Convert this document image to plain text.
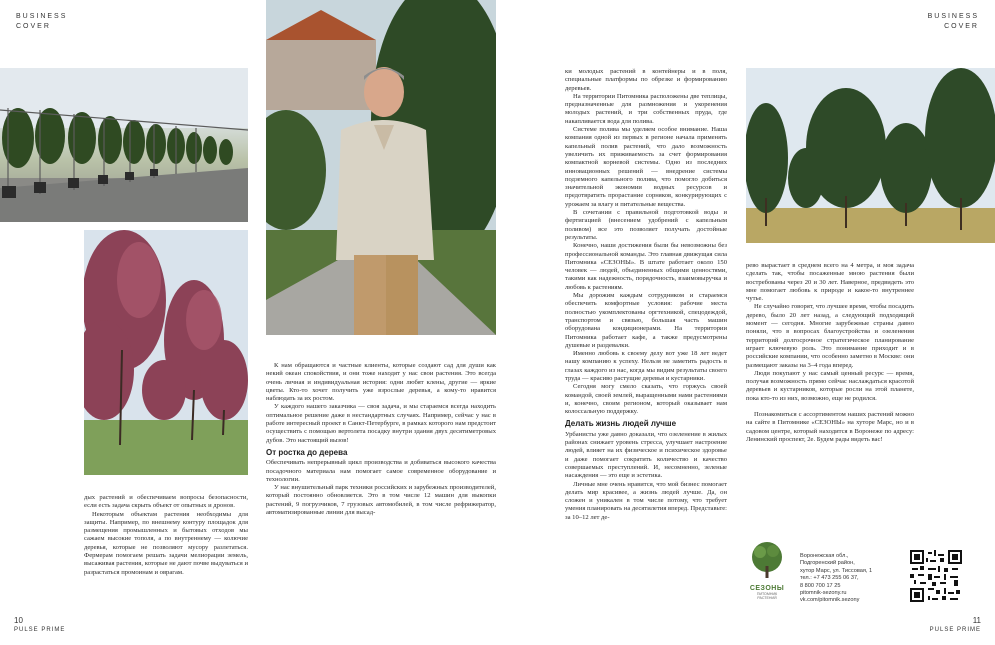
BUSINESS
COVER
BUSINESS
COVER

дых растений и обеспечиваем вопросы безопасности, если есть задача скрыть объект от опытных и дронов.

Некоторым объектам растения необходимы для защиты. Например, по внешнему контуру площадок для размещения промышленных и бытовых отходов мы сажаем высокие тополя, а по внутреннему — колючие деревья, которые не позволяют мусору разлетаться. Фермерам помогаем решать задачи мелиорации земель, высаживая растения, которые не дают почве выдуваться и разрастаться промоинам и оврагам.

К нам обращаются и частные клиенты, которые создают сад для души как некий океан спокойствия, и они тоже находят у нас свои растения. Это всегда очень личная и индивидуальная история: одни любят клены, другие — яркие цветы. Кто-то хочет получить уже взрослые деревья, а кому-то нравится наблюдать за их ростом.

У каждого нашего заказчика — своя задача, и мы стараемся всегда находить оптимальное решение даже в нестандартных случаях. Например, сейчас у нас в работе интересный проект в Санкт-Петербурге, в рамках которого нам предстоит осуществить с помощью вертолета посадку внутри здания двух десятиметровых дубов. Это настоящий вызов!

От ростка до дерева

Обеспечивать непрерывный цикл производства и добиваться высокого качества посадочного материала нам помогает самое современное оборудование и технологии.

У нас внушительный парк техники российских и зарубежных производителей, который постоянно обновляется. Это в том числе 12 машин для выкопки растений, 9 погрузчиков, 7 грузовых автомобилей, в том числе рефрижератор, автоматизированные линии для высад-

ки молодых растений в контейнеры и в поля, специальные платформы по обрезке и формированию деревьев.

На территории Питомника расположены две теплицы, предназначенные для размножения и укоренения молодых растений, и три собственных пруда, где накапливается вода для полива.

Системе полива мы уделяем особое внимание. Наша компания одной из первых в регионе начала применять капельный полив растений, что дало возможность увеличить их приживаемость за счет формирования компактной корневой системы. Одно из последних инновационных решений — внедрение системы подземного капельного полива, что помогло добиться значительной экономии водных ресурсов и предотвратить прорастание сорняков, конкурирующих с урожаем за влагу и питательные вещества.

В сочетании с правильной подготовкой воды и фертигацией (внесением удобрений с капельным поливом) все это позволяет получать достойные результаты.

Конечно, наши достижения были бы невозможны без профессиональной команды. Это главная движущая сила Питомника «СЕЗОНЫ». В штате работает около 150 человек — людей, объединенных общими ценностями, такими как надежность, порядочность, взаимовыручка и любовь к растениям.

Мы дорожим каждым сотрудником и стараемся обеспечить комфортные условия: рабочие места полностью укомплектованы оргтехникой, спецодеждой, транспортом и связью, большая часть машин оборудована кондиционерами. На территории Питомника работает кафе, а также предусмотрены душевые и раздевалки.

Именно любовь к своему делу вот уже 18 лет ведет нашу компанию к успеху. Нельзя не заметить радость в глазах каждого из нас, когда мы видим результаты своего труда — красиво растущие деревья и кустарники.

Сегодня могу смело сказать, что горжусь своей командой, своей землей, выращенными нами растениями и, конечно, своим регионом, который оказывает нам колоссальную поддержку.

Делать жизнь людей лучше

Урбанисты уже давно доказали, что озеленение в жилых районах снижает уровень стресса, улучшает настроение людей, влияет на их физическое и психическое здоровье и даже помогает сократить количество и качество совершаемых преступлений. И, несомненно, зеленые насаждения — это еще и эстетика.

Личные мне очень нравится, что мой бизнес помогает делать мир красивее, а жизнь людей лучше. Да, он сложен и уникален в том числе потому, что требует умения планировать на десятилетия вперед. Представьте: за 10–12 лет де-

рево вырастает в среднем всего на 4 метра, и моя задача сделать так, чтобы посаженные мною растения были востребованы через 20 и 30 лет. Наверное, предвидеть это мне помогает любовь к природе и какое-то внутреннее чутье.

Не случайно говорят, что лучшее время, чтобы посадить дерево, было 20 лет назад, а следующий подходящий момент — сегодня. Многие зарубежные страны давно поняли, что в вопросах благоустройства и озеленения территорий долгосрочное стратегическое планирование играет ключевую роль. Это понимание приходит и в российские компании, что особенно заметно в Москве: они размещают заказы на 3–4 года вперед.

Люди покупают у нас самый ценный ресурс — время, получая возможность прямо сейчас наслаждаться красотой деревьев и кустарников, которые росли на этой планете, пока кто-то из них, возможно, еще не родился.

Познакомиться с ассортиментом наших растений можно на сайте в Питомнике «СЕЗОНЫ» на хуторе Марс, но и в садовом центре, который находится в Воронеже по адресу: Ленинский проспект, 2е. Будем рады видеть вас!

СЕЗОНЫ
ПИТОМНИК РАСТЕНИЙ
Воронежская обл.,
Подгоренский район,
хутор Марс, ул. Тиссовая, 1
тел.: +7 473 255 06 37,
8 800 700 17 25
pitomnik-sezony.ru
vk.com/pitomnik.sezony
10
PULSE PRIME
11
PULSE PRIME
